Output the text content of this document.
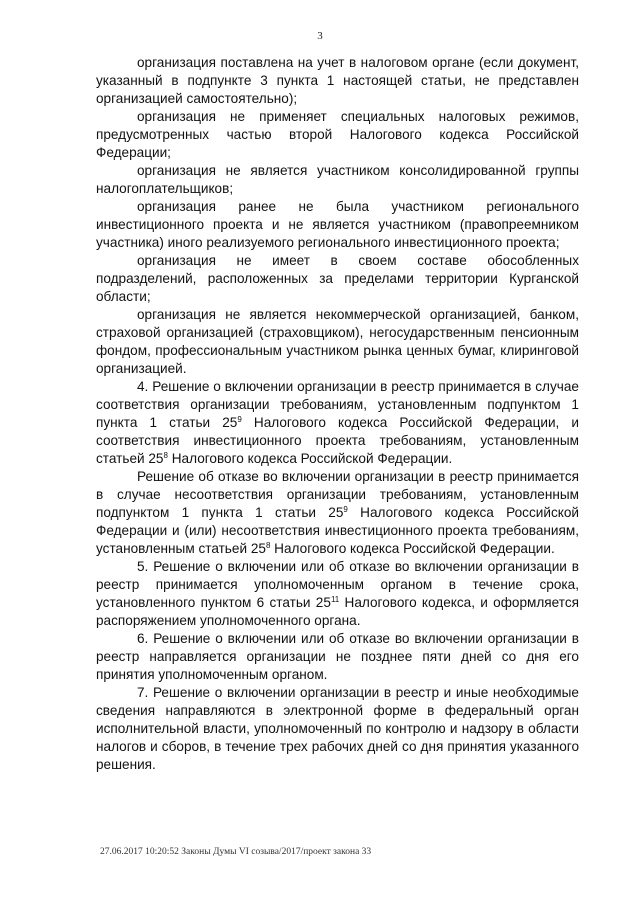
3

организация поставлена на учет в налоговом органе (если документ, указанный в подпункте 3 пункта 1 настоящей статьи, не представлен организацией самостоятельно);

организация не применяет специальных налоговых режимов, предусмотренных частью второй Налогового кодекса Российской Федерации;

организация не является участником консолидированной группы налогоплательщиков;

организация ранее не была участником регионального инвестиционного проекта и не является участником (правопреемником участника) иного реализуемого регионального инвестиционного проекта;

организация не имеет в своем составе обособленных подразделений, расположенных за пределами территории Курганской области;

организация не является некоммерческой организацией, банком, страховой организацией (страховщиком), негосударственным пенсионным фондом, профессиональным участником рынка ценных бумаг, клиринговой организацией.

4. Решение о включении организации в реестр принимается в случае соответствия организации требованиям, установленным подпунктом 1 пункта 1 статьи $25^9$ Налогового кодекса Российской Федерации, и соответствия инвестиционного проекта требованиям, установленным статьей $25^8$ Налогового кодекса Российской Федерации.

Решение об отказе во включении организации в реестр принимается в случае несоответствия организации требованиям, установленным подпунктом 1 пункта 1 статьи $25^9$ Налогового кодекса Российской Федерации и (или) несоответствия инвестиционного проекта требованиям, установленным статьей $25^8$ Налогового кодекса Российской Федерации.

5. Решение о включении или об отказе во включении организации в реестр принимается уполномоченным органом в течение срока, установленного пунктом 6 статьи $25^{11}$ Налогового кодекса, и оформляется распоряжением уполномоченного органа.

6. Решение о включении или об отказе во включении организации в реестр направляется организации не позднее пяти дней со дня его принятия уполномоченным органом.

7. Решение о включении организации в реестр и иные необходимые сведения направляются в электронной форме в федеральный орган исполнительной власти, уполномоченный по контролю и надзору в области налогов и сборов, в течение трех рабочих дней со дня принятия указанного решения.

27.06.2017 10:20:52 Законы Думы VI созыва/2017/проект закона 33
